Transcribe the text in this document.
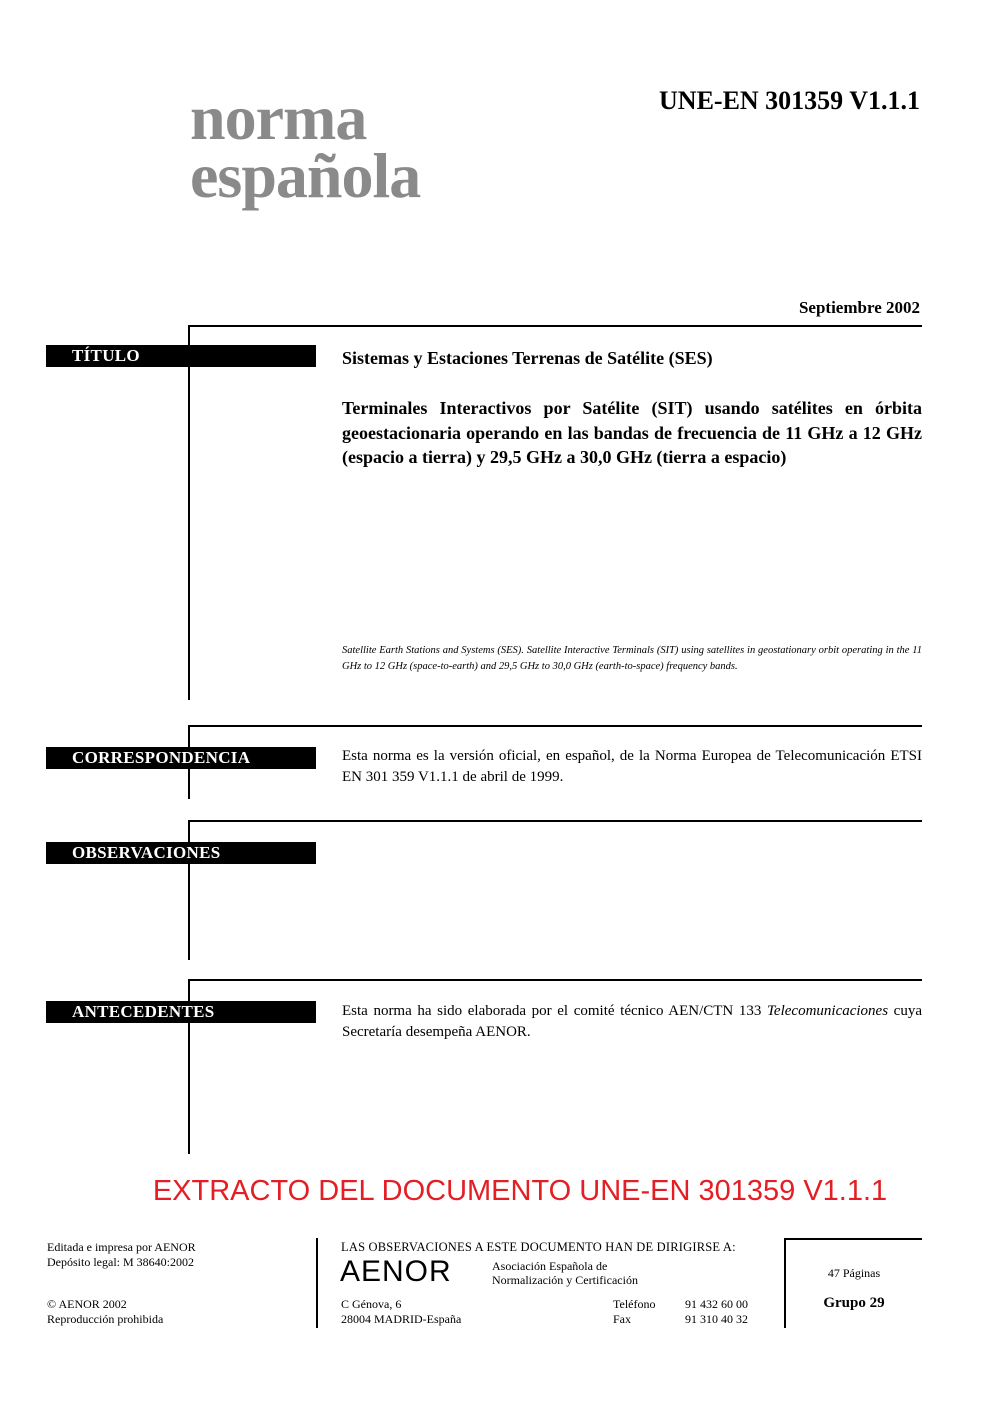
norma
española
UNE-EN 301359 V1.1.1
Septiembre 2002
TÍTULO	Sistemas y Estaciones Terrenas de Satélite (SES)
Terminales Interactivos por Satélite (SIT) usando satélites en órbita geoestacionaria operando en las bandas de frecuencia de 11 GHz a 12 GHz (espacio a tierra) y 29,5 GHz a 30,0 GHz (tierra a espacio)
Satellite Earth Stations and Systems (SES). Satellite Interactive Terminals (SIT) using satellites in geostationary orbit operating in the 11 GHz to 12 GHz (space-to-earth) and 29,5 GHz to 30,0 GHz (earth-to-space) frequency bands.
CORRESPONDENCIA	Esta norma es la versión oficial, en español, de la Norma Europea de Telecomunicación ETSI EN 301 359 V1.1.1 de abril de 1999.
OBSERVACIONES
ANTECEDENTES	Esta norma ha sido elaborada por el comité técnico AEN/CTN 133 Telecomunicaciones cuya Secretaría desempeña AENOR.
EXTRACTO DEL DOCUMENTO UNE-EN 301359 V1.1.1
Editada e impresa por AENOR
Depósito legal: M 38640:2002
© AENOR 2002
Reproducción prohibida
LAS OBSERVACIONES A ESTE DOCUMENTO HAN DE DIRIGIRSE A:
AENOR	Asociación Española de
Normalización y Certificación
C Génova, 6
28004 MADRID-España
Teléfono 91 432 60 00
Fax	91 310 40 32
47 Páginas
Grupo 29
